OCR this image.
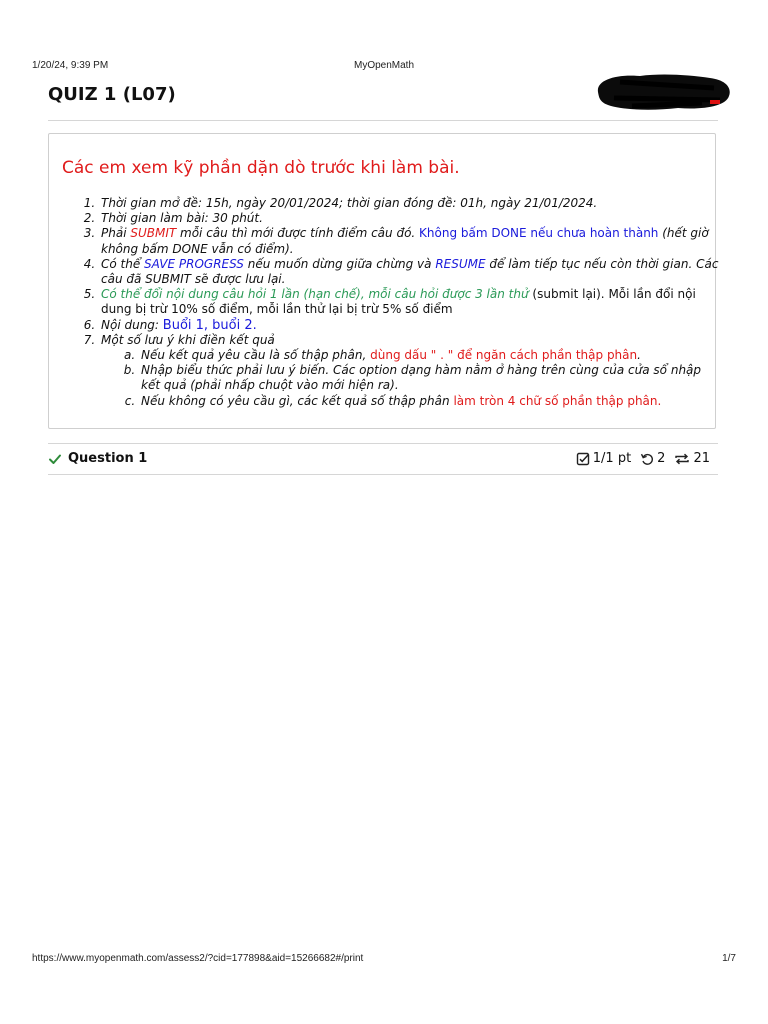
1/20/24, 9:39 PM	MyOpenMath
QUIZ 1 (L07)
Các em xem kỹ phần dặn dò trước khi làm bài.
1. Thời gian mở đề: 15h, ngày 20/01/2024; thời gian đóng đề: 01h, ngày 21/01/2024.
2. Thời gian làm bài: 30 phút.
3. Phải SUBMIT mỗi câu thì mới được tính điểm câu đó. Không bấm DONE nếu chưa hoàn thành (hết giờ không bấm DONE vẫn có điểm).
4. Có thể SAVE PROGRESS nếu muốn dừng giữa chừng và RESUME để làm tiếp tục nếu còn thời gian. Các câu đã SUBMIT sẽ được lưu lại.
5. Có thể đổi nội dung câu hỏi 1 lần (hạn chế), mỗi câu hỏi được 3 lần thử (submit lại). Mỗi lần đổi nội dung bị trừ 10% số điểm, mỗi lần thử lại bị trừ 5% số điểm
6. Nội dung: Buổi 1, buổi 2.
7. Một số lưu ý khi điền kết quả
a. Nếu kết quả yêu cầu là số thập phân, dùng dấu " . " để ngăn cách phần thập phân.
b. Nhập biểu thức phải lưu ý biến. Các option dạng hàm nằm ở hàng trên cùng của cửa sổ nhập kết quả (phải nhấp chuột vào mới hiện ra).
c. Nếu không có yêu cầu gì, các kết quả số thập phân làm tròn 4 chữ số phần thập phân.
Question 1	1/1 pt 2 21
https://www.myopenmath.com/assess2/?cid=177898&aid=15266682#/print	1/7
